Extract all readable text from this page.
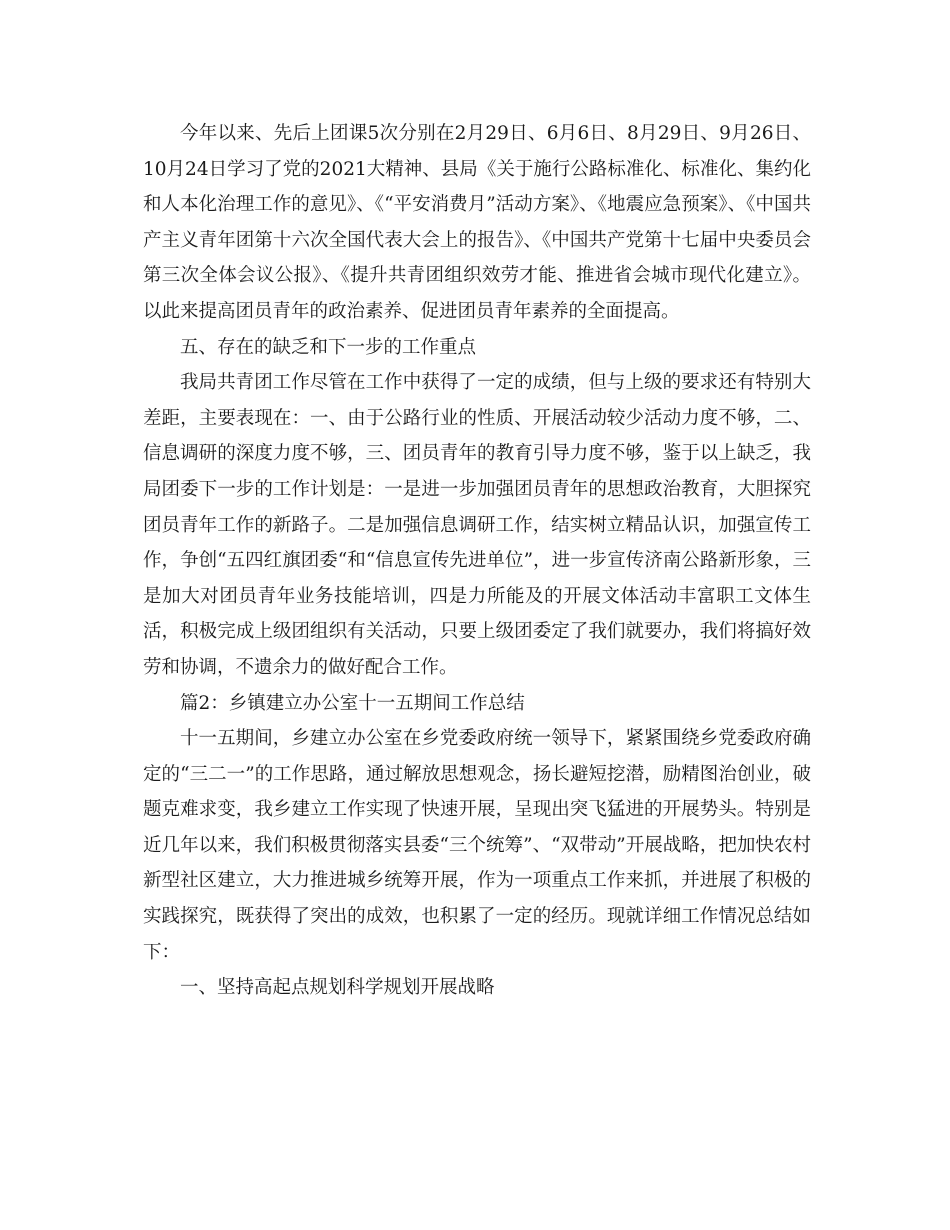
今年以来、先后上团课5次分别在2月29日、6月6日、8月29日、9月26日、10月24日学习了党的2021大精神、县局《关于施行公路标准化、标准化、集约化和人本化治理工作的意见》、《“平安消费月”活动方案》、《地震应急预案》、《中国共产主义青年团第十六次全国代表大会上的报告》、《中国共产党第十七届中央委员会第三次全体会议公报》、《提升共青团组织效劳才能、推进省会城市现代化建立》。以此来提高团员青年的政治素养、促进团员青年素养的全面提高。

五、存在的缺乏和下一步的工作重点

我局共青团工作尽管在工作中获得了一定的成绩，但与上级的要求还有特别大差距，主要表现在：一、由于公路行业的性质、开展活动较少活动力度不够，二、信息调研的深度力度不够，三、团员青年的教育引导力度不够，鉴于以上缺乏，我局团委下一步的工作计划是：一是进一步加强团员青年的思想政治教育，大胆探究团员青年工作的新路子。二是加强信息调研工作，结实树立精品认识，加强宣传工作，争创“五四红旗团委“和“信息宣传先进单位”，进一步宣传济南公路新形象，三是加大对团员青年业务技能培训，四是力所能及的开展文体活动丰富职工文体生活，积极完成上级团组织有关活动，只要上级团委定了我们就要办，我们将搞好效劳和协调，不遗余力的做好配合工作。

篇2：乡镇建立办公室十一五期间工作总结

十一五期间，乡建立办公室在乡党委政府统一领导下，紧紧围绕乡党委政府确定的“三二一”的工作思路，通过解放思想观念，扬长避短挖潜，励精图治创业，破题克难求变，我乡建立工作实现了快速开展，呈现出突飞猛进的开展势头。特别是近几年以来，我们积极贯彻落实县委“三个统筹”、“双带动”开展战略，把加快农村新型社区建立，大力推进城乡统筹开展，作为一项重点工作来抓，并进展了积极的实践探究，既获得了突出的成效，也积累了一定的经历。现就详细工作情况总结如下：

一、坚持高起点规划科学规划开展战略
